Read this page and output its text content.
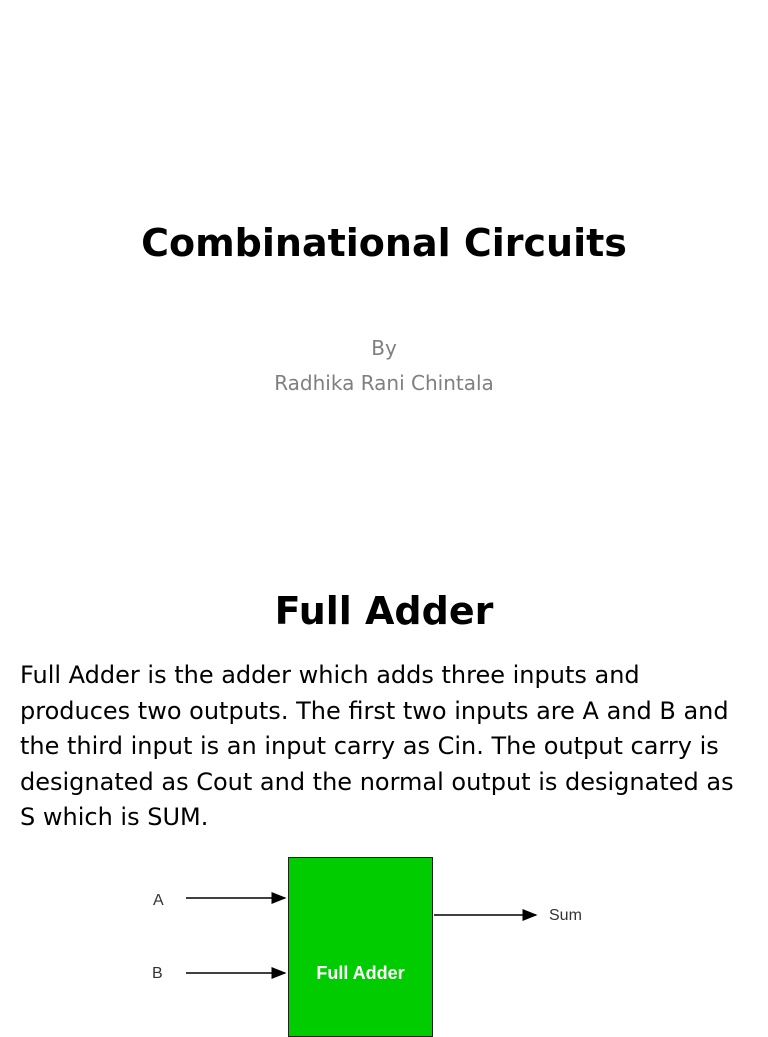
Combinational Circuits
By
Radhika Rani Chintala
Full Adder
Full Adder is the adder which adds three inputs and produces two outputs. The first two inputs are A and B and the third input is an input carry as Cin. The output carry is designated as Cout and the normal output is designated as S which is SUM.
Full Adder
A
B
Sum
